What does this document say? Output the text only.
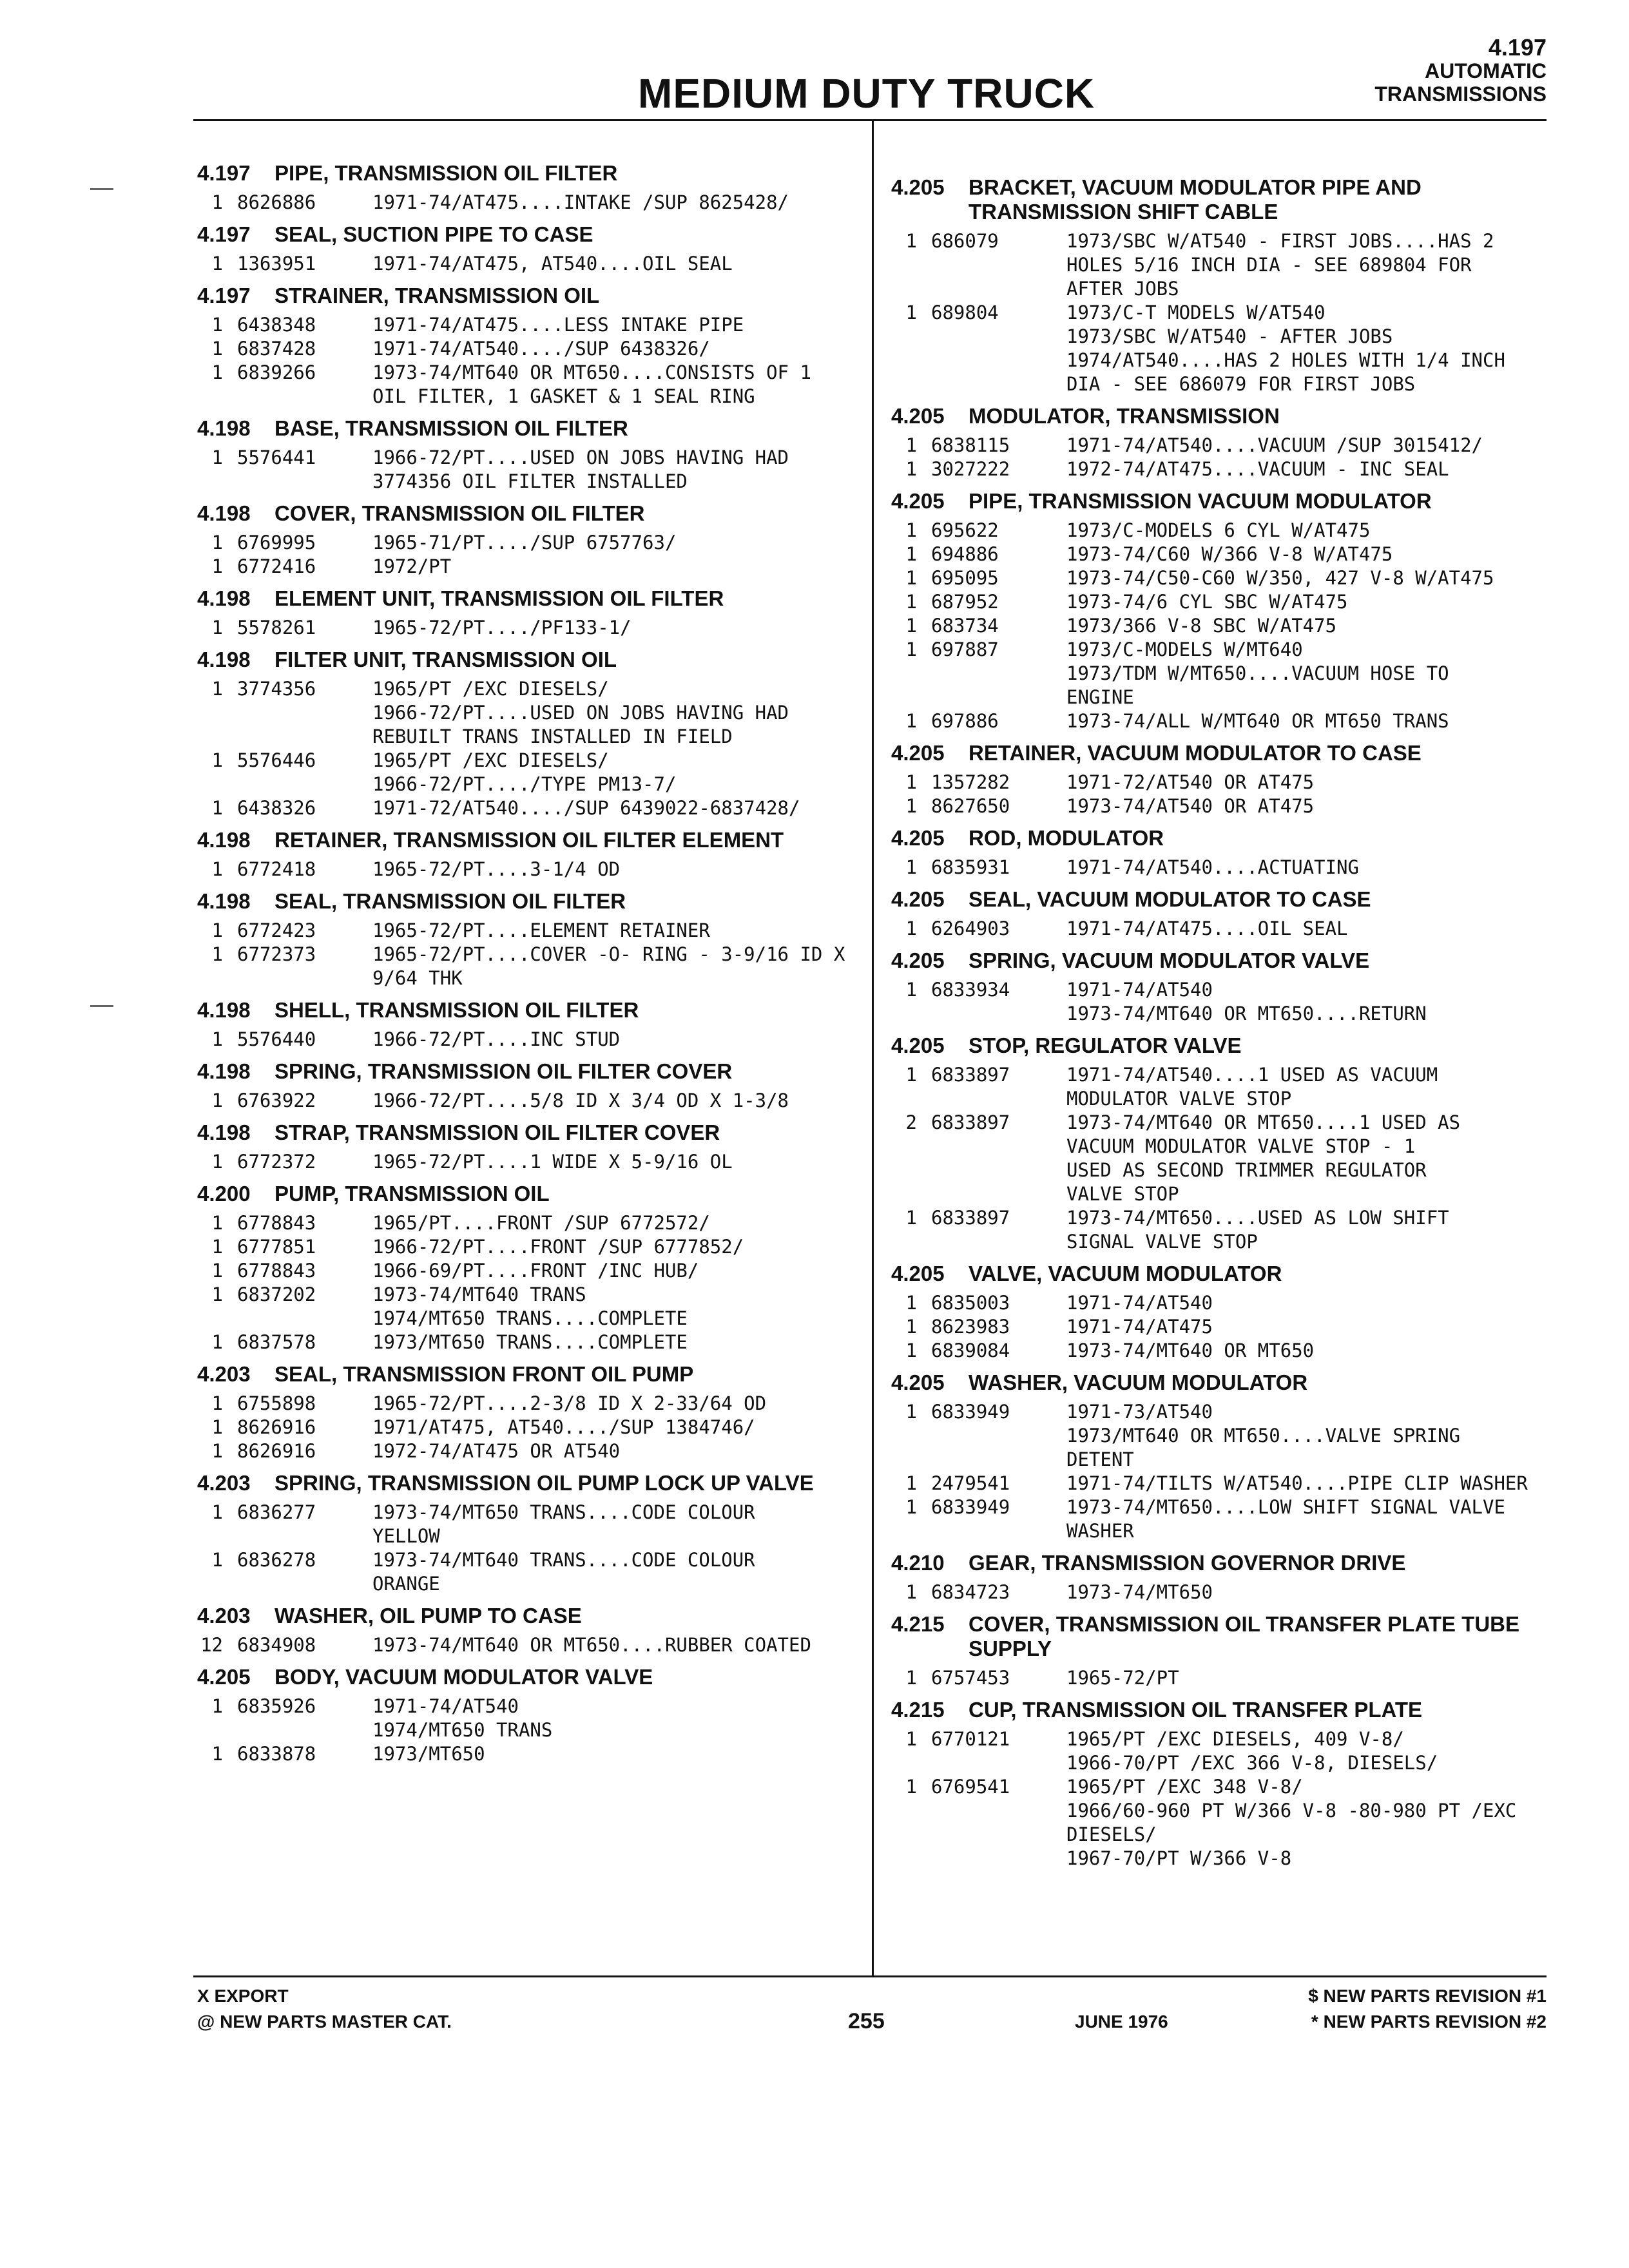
MEDIUM DUTY TRUCK
4.197
AUTOMATIC
TRANSMISSIONS
4.197	PIPE, TRANSMISSION OIL FILTER
1 8626886	1971-74/AT475....INTAKE /SUP 8625428/
4.197	SEAL, SUCTION PIPE TO CASE
1 1363951	1971-74/AT475, AT540....OIL SEAL
4.197	STRAINER, TRANSMISSION OIL
1 6438348	1971-74/AT475....LESS INTAKE PIPE
1 6837428	1971-74/AT540..../SUP 6438326/
1 6839266	1973-74/MT640 OR MT650....CONSISTS OF 1
OIL FILTER, 1 GASKET & 1 SEAL RING
4.198	BASE, TRANSMISSION OIL FILTER
1 5576441	1966-72/PT....USED ON JOBS HAVING HAD
3774356 OIL FILTER INSTALLED
4.198	COVER, TRANSMISSION OIL FILTER
1 6769995	1965-71/PT..../SUP 6757763/
1 6772416	1972/PT
4.198	ELEMENT UNIT, TRANSMISSION OIL FILTER
1 5578261	1965-72/PT..../PF133-1/
4.198	FILTER UNIT, TRANSMISSION OIL
1 3774356	1965/PT /EXC DIESELS/
1966-72/PT....USED ON JOBS HAVING HAD
REBUILT TRANS INSTALLED IN FIELD
1 5576446	1965/PT /EXC DIESELS/
1966-72/PT..../TYPE PM13-7/
1 6438326	1971-72/AT540..../SUP 6439022-6837428/
4.198	RETAINER, TRANSMISSION OIL FILTER ELEMENT
1 6772418	1965-72/PT....3-1/4 OD
4.198	SEAL, TRANSMISSION OIL FILTER
1 6772423	1965-72/PT....ELEMENT RETAINER
1 6772373	1965-72/PT....COVER -O- RING - 3-9/16 ID X
9/64 THK
4.198	SHELL, TRANSMISSION OIL FILTER
1 5576440	1966-72/PT....INC STUD
4.198	SPRING, TRANSMISSION OIL FILTER COVER
1 6763922	1966-72/PT....5/8 ID X 3/4 OD X 1-3/8
4.198	STRAP, TRANSMISSION OIL FILTER COVER
1 6772372	1965-72/PT....1 WIDE X 5-9/16 OL
4.200	PUMP, TRANSMISSION OIL
1 6778843	1965/PT....FRONT /SUP 6772572/
1 6777851	1966-72/PT....FRONT /SUP 6777852/
1 6778843	1966-69/PT....FRONT /INC HUB/
1 6837202	1973-74/MT640 TRANS
1974/MT650 TRANS....COMPLETE
1 6837578	1973/MT650 TRANS....COMPLETE
4.203	SEAL, TRANSMISSION FRONT OIL PUMP
1 6755898	1965-72/PT....2-3/8 ID X 2-33/64 OD
1 8626916	1971/AT475, AT540..../SUP 1384746/
1 8626916	1972-74/AT475 OR AT540
4.203	SPRING, TRANSMISSION OIL PUMP LOCK UP VALVE
1 6836277	1973-74/MT650 TRANS....CODE COLOUR
YELLOW
1 6836278	1973-74/MT640 TRANS....CODE COLOUR
ORANGE
4.203	WASHER, OIL PUMP TO CASE
12 6834908	1973-74/MT640 OR MT650....RUBBER COATED
4.205	BODY, VACUUM MODULATOR VALVE
1 6835926	1971-74/AT540
1974/MT650 TRANS
1 6833878	1973/MT650
4.205	BRACKET, VACUUM MODULATOR PIPE AND TRANSMISSION SHIFT CABLE
1 686079	1973/SBC W/AT540 - FIRST JOBS....HAS 2
HOLES 5/16 INCH DIA - SEE 689804 FOR
AFTER JOBS
1 689804	1973/C-T MODELS W/AT540
1973/SBC W/AT540 - AFTER JOBS
1974/AT540....HAS 2 HOLES WITH 1/4 INCH
DIA - SEE 686079 FOR FIRST JOBS
4.205	MODULATOR, TRANSMISSION
1 6838115	1971-74/AT540....VACUUM /SUP 3015412/
1 3027222	1972-74/AT475....VACUUM - INC SEAL
4.205	PIPE, TRANSMISSION VACUUM MODULATOR
1 695622	1973/C-MODELS 6 CYL W/AT475
1 694886	1973-74/C60 W/366 V-8 W/AT475
1 695095	1973-74/C50-C60 W/350, 427 V-8 W/AT475
1 687952	1973-74/6 CYL SBC W/AT475
1 683734	1973/366 V-8 SBC W/AT475
1 697887	1973/C-MODELS W/MT640
1973/TDM W/MT650....VACUUM HOSE TO
ENGINE
1 697886	1973-74/ALL W/MT640 OR MT650 TRANS
4.205	RETAINER, VACUUM MODULATOR TO CASE
1 1357282	1971-72/AT540 OR AT475
1 8627650	1973-74/AT540 OR AT475
4.205	ROD, MODULATOR
1 6835931	1971-74/AT540....ACTUATING
4.205	SEAL, VACUUM MODULATOR TO CASE
1 6264903	1971-74/AT475....OIL SEAL
4.205	SPRING, VACUUM MODULATOR VALVE
1 6833934	1971-74/AT540
1973-74/MT640 OR MT650....RETURN
4.205	STOP, REGULATOR VALVE
1 6833897	1971-74/AT540....1 USED AS VACUUM
MODULATOR VALVE STOP
2 6833897	1973-74/MT640 OR MT650....1 USED AS
VACUUM MODULATOR VALVE STOP - 1
USED AS SECOND TRIMMER REGULATOR
VALVE STOP
1 6833897	1973-74/MT650....USED AS LOW SHIFT
SIGNAL VALVE STOP
4.205	VALVE, VACUUM MODULATOR
1 6835003	1971-74/AT540
1 8623983	1971-74/AT475
1 6839084	1973-74/MT640 OR MT650
4.205	WASHER, VACUUM MODULATOR
1 6833949	1971-73/AT540
1973/MT640 OR MT650....VALVE SPRING
DETENT
1 2479541	1971-74/TILTS W/AT540....PIPE CLIP WASHER
1 6833949	1973-74/MT650....LOW SHIFT SIGNAL VALVE
WASHER
4.210	GEAR, TRANSMISSION GOVERNOR DRIVE
1 6834723	1973-74/MT650
4.215	COVER, TRANSMISSION OIL TRANSFER PLATE TUBE SUPPLY
1 6757453	1965-72/PT
4.215	CUP, TRANSMISSION OIL TRANSFER PLATE
1 6770121	1965/PT /EXC DIESELS, 409 V-8/
1966-70/PT /EXC 366 V-8, DIESELS/
1 6769541	1965/PT /EXC 348 V-8/
1966/60-960 PT W/366 V-8 -80-980 PT /EXC
DIESELS/
1967-70/PT W/366 V-8
X EXPORT
@ NEW PARTS MASTER CAT.	255	JUNE 1976
$ NEW PARTS REVISION #1
* NEW PARTS REVISION #2
